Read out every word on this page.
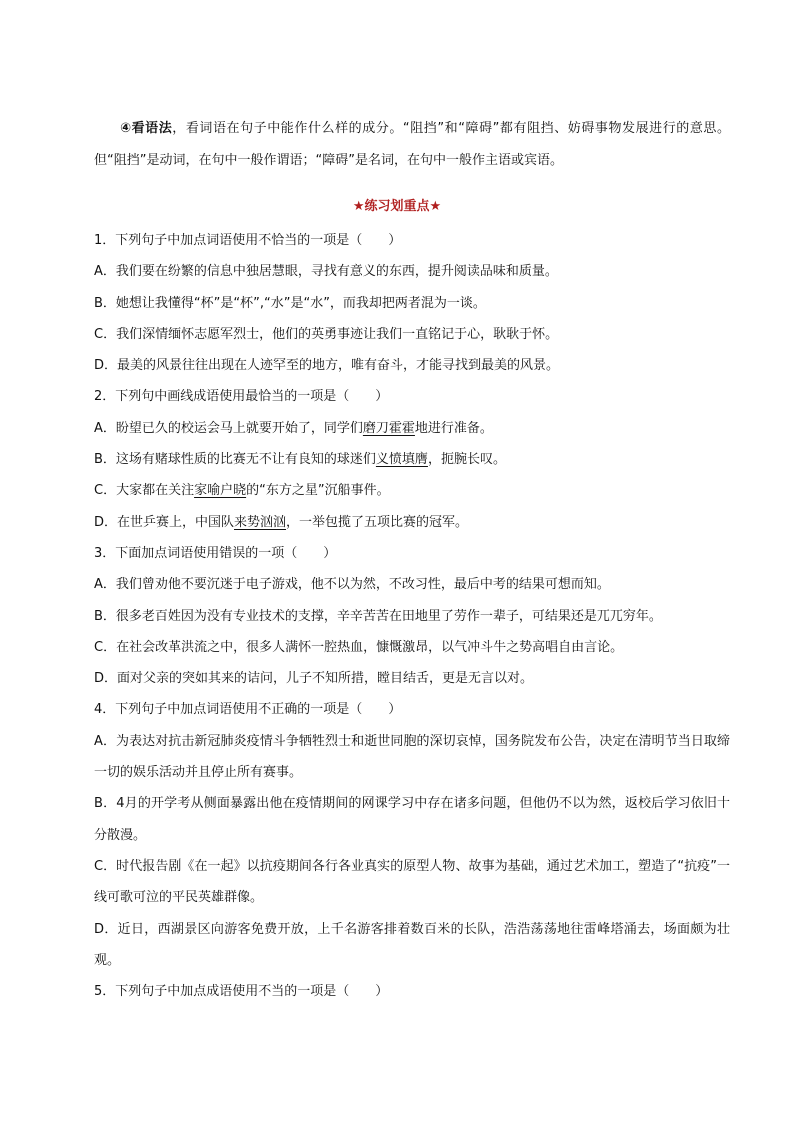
④看语法，看词语在句子中能作什么样的成分。“阻挡”和“障碍”都有阻挡、妨碍事物发展进行的意思。但“阻挡”是动词，在句中一般作谓语；“障碍”是名词，在句中一般作主语或宾语。

★练习划重点★
1．下列句子中加点词语使用不恰当的一项是（　　）
A．我们要在纷繁的信息中独居慧眼，寻找有意义的东西，提升阅读品味和质量。
B．她想让我懂得“杯”是“杯”,“水”是“水”，而我却把两者混为一谈。
C．我们深情缅怀志愿军烈士，他们的英勇事迹让我们一直铭记于心，耿耿于怀。
D．最美的风景往往出现在人迹罕至的地方，唯有奋斗，才能寻找到最美的风景。
2．下列句中画线成语使用最恰当的一项是（　　）
A．盼望已久的校运会马上就要开始了，同学们磨刀霍霍地进行准备。
B．这场有赌球性质的比赛无不让有良知的球迷们义愤填膺，扼腕长叹。
C．大家都在关注家喻户晓的“东方之星”沉船事件。
D．在世乒赛上，中国队来势汹汹，一举包揽了五项比赛的冠军。
3．下面加点词语使用错误的一项（　　）
A．我们曾劝他不要沉迷于电子游戏，他不以为然，不改习性，最后中考的结果可想而知。
B．很多老百姓因为没有专业技术的支撑，辛辛苦苦在田地里了劳作一辈子，可结果还是兀兀穷年。
C．在社会改革洪流之中，很多人满怀一腔热血，慷慨激昂，以气冲斗牛之势高唱自由言论。
D．面对父亲的突如其来的诘问，儿子不知所措，瞠目结舌，更是无言以对。
4．下列句子中加点词语使用不正确的一项是（　　）
A．为表达对抗击新冠肺炎疫情斗争牺牲烈士和逝世同胞的深切哀悼，国务院发布公告，决定在清明节当日取缔一切的娱乐活动并且停止所有赛事。
B．4月的开学考从侧面暴露出他在疫情期间的网课学习中存在诸多问题，但他仍不以为然，返校后学习依旧十分散漫。
C．时代报告剧《在一起》以抗疫期间各行各业真实的原型人物、故事为基础，通过艺术加工，塑造了“抗疫”一线可歌可泣的平民英雄群像。
D．近日，西湖景区向游客免费开放，上千名游客排着数百米的长队，浩浩荡荡地往雷峰塔涌去，场面颇为壮观。
5．下列句子中加点成语使用不当的一项是（　　）
